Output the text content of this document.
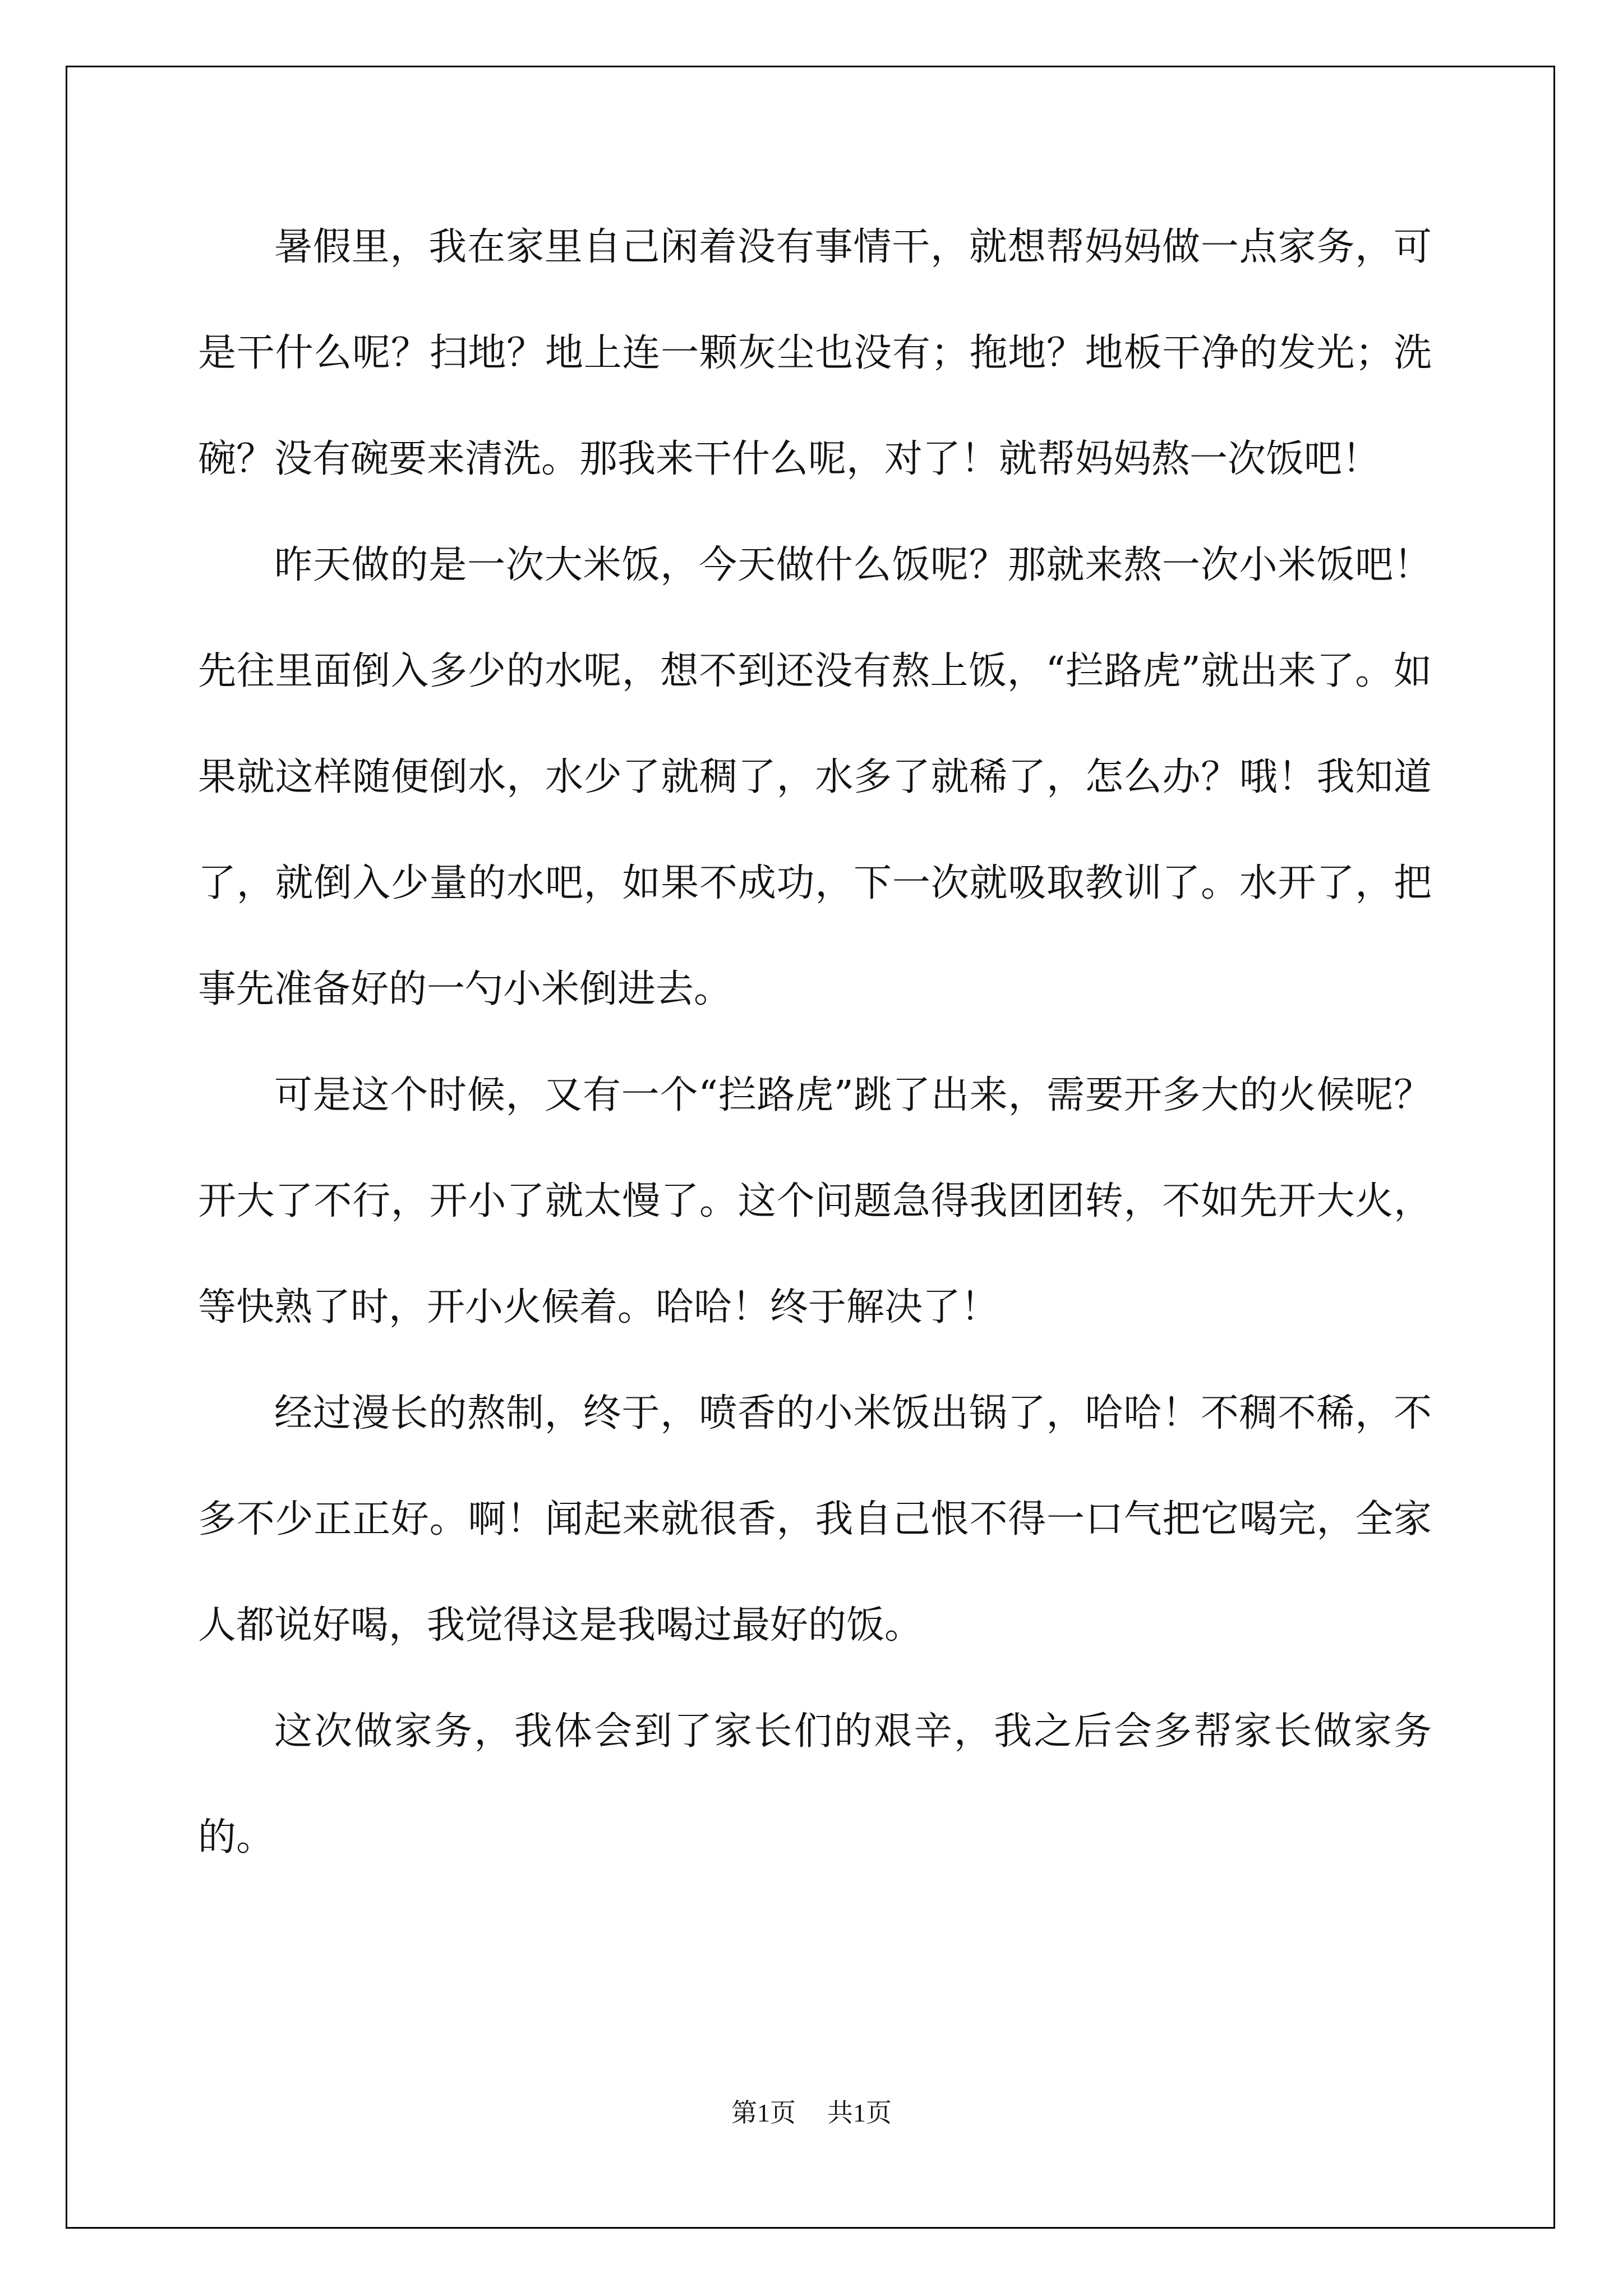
暑假里，我在家里自己闲着没有事情干，就想帮妈妈做一点家务，可是干什么呢？扫地？地上连一颗灰尘也没有；拖地？地板干净的发光；洗碗？没有碗要来清洗。那我来干什么呢，对了！就帮妈妈熬一次饭吧！

昨天做的是一次大米饭，今天做什么饭呢？那就来熬一次小米饭吧！先往里面倒入多少的水呢，想不到还没有熬上饭，“拦路虎”就出来了。如果就这样随便倒水，水少了就稠了，水多了就稀了，怎么办？哦！我知道了，就倒入少量的水吧，如果不成功，下一次就吸取教训了。水开了，把事先准备好的一勺小米倒进去。

可是这个时候，又有一个“拦路虎”跳了出来，需要开多大的火候呢？开大了不行，开小了就太慢了。这个问题急得我团团转，不如先开大火，等快熟了时，开小火候着。哈哈！终于解决了！

经过漫长的熬制，终于，喷香的小米饭出锅了，哈哈！不稠不稀，不多不少正正好。啊！闻起来就很香，我自己恨不得一口气把它喝完，全家人都说好喝，我觉得这是我喝过最好的饭。

这次做家务，我体会到了家长们的艰辛，我之后会多帮家长做家务的。

第1页 共1页
